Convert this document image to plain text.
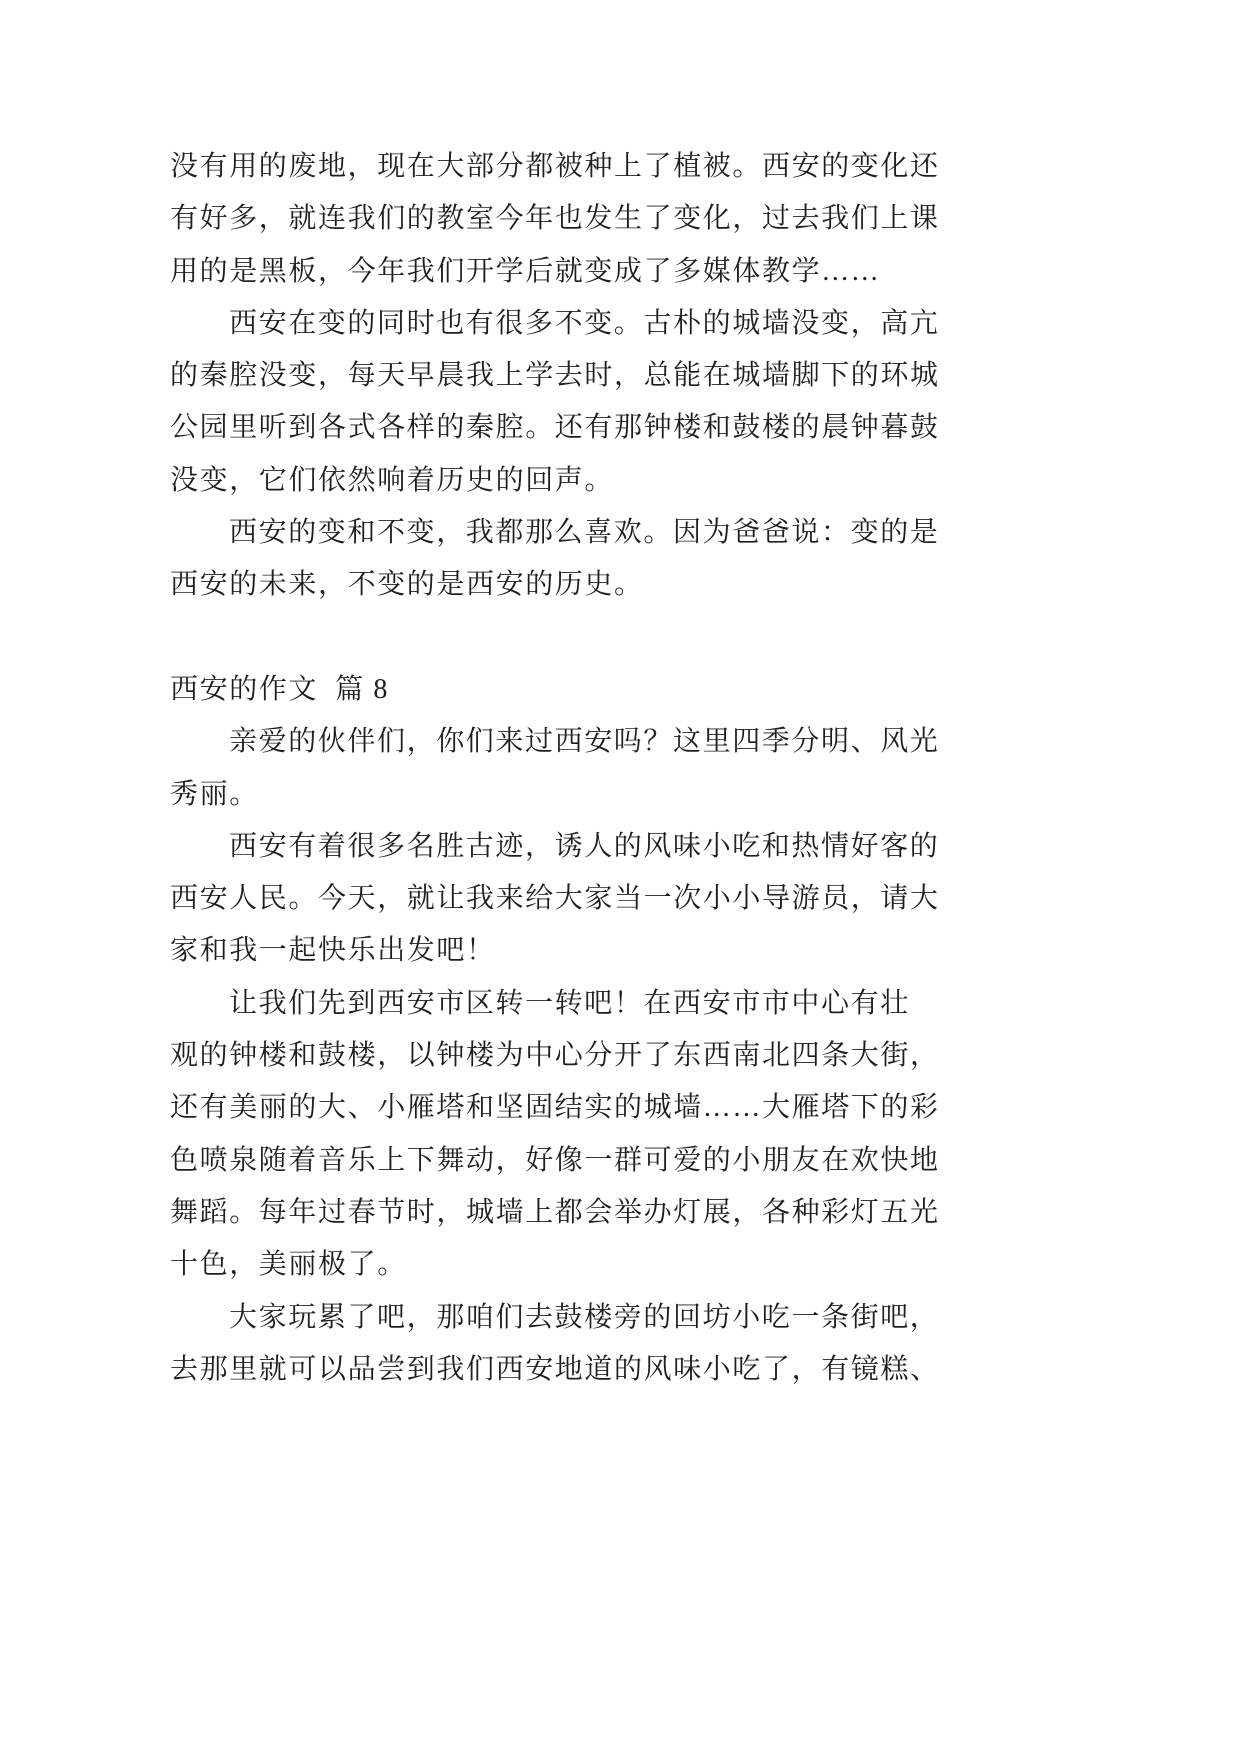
没有用的废地，现在大部分都被种上了植被。西安的变化还
有好多，就连我们的教室今年也发生了变化，过去我们上课
用的是黑板，今年我们开学后就变成了多媒体教学……
西安在变的同时也有很多不变。古朴的城墙没变，高亢
的秦腔没变，每天早晨我上学去时，总能在城墙脚下的环城
公园里听到各式各样的秦腔。还有那钟楼和鼓楼的晨钟暮鼓
没变，它们依然响着历史的回声。
西安的变和不变，我都那么喜欢。因为爸爸说：变的是
西安的未来，不变的是西安的历史。
西安的作文  篇 8
亲爱的伙伴们，你们来过西安吗？这里四季分明、风光
秀丽。
西安有着很多名胜古迹，诱人的风味小吃和热情好客的
西安人民。今天，就让我来给大家当一次小小导游员，请大
家和我一起快乐出发吧！
让我们先到西安市区转一转吧！在西安市市中心有壮
观的钟楼和鼓楼，以钟楼为中心分开了东西南北四条大街，
还有美丽的大、小雁塔和坚固结实的城墙……大雁塔下的彩
色喷泉随着音乐上下舞动，好像一群可爱的小朋友在欢快地
舞蹈。每年过春节时，城墙上都会举办灯展，各种彩灯五光
十色，美丽极了。
大家玩累了吧，那咱们去鼓楼旁的回坊小吃一条街吧，
去那里就可以品尝到我们西安地道的风味小吃了，有镜糕、
